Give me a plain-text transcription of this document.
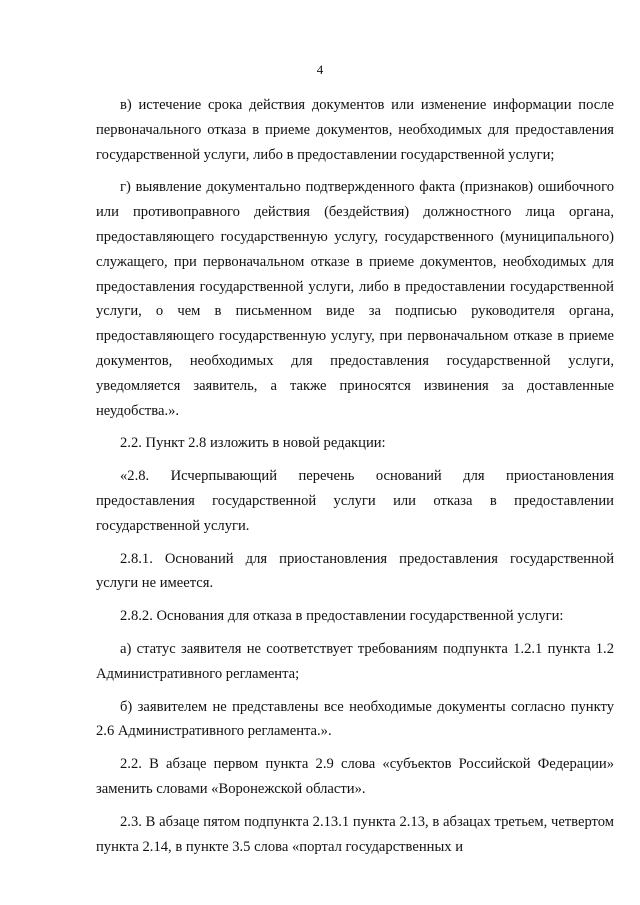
4

в) истечение срока действия документов или изменение информации после первоначального отказа в приеме документов, необходимых для предоставления государственной услуги, либо в предоставлении государственной услуги;

г) выявление документально подтвержденного факта (признаков) ошибочного или противоправного действия (бездействия) должностного лица органа, предоставляющего государственную услугу, государственного (муниципального) служащего, при первоначальном отказе в приеме документов, необходимых для предоставления государственной услуги, либо в предоставлении государственной услуги, о чем в письменном виде за подписью руководителя органа, предоставляющего государственную услугу, при первоначальном отказе в приеме документов, необходимых для предоставления государственной услуги, уведомляется заявитель, а также приносятся извинения за доставленные неудобства.».

2.2. Пункт 2.8 изложить в новой редакции:

«2.8. Исчерпывающий перечень оснований для приостановления предоставления государственной услуги или отказа в предоставлении государственной услуги.

2.8.1. Оснований для приостановления предоставления государственной услуги не имеется.

2.8.2. Основания для отказа в предоставлении государственной услуги:

а) статус заявителя не соответствует требованиям подпункта 1.2.1 пункта 1.2 Административного регламента;

б) заявителем не представлены все необходимые документы согласно пункту 2.6 Административного регламента.».

2.2. В абзаце первом пункта 2.9 слова «субъектов Российской Федерации» заменить словами «Воронежской области».

2.3. В абзаце пятом подпункта 2.13.1 пункта 2.13, в абзацах третьем, четвертом пункта 2.14, в пункте 3.5 слова «портал государственных и
